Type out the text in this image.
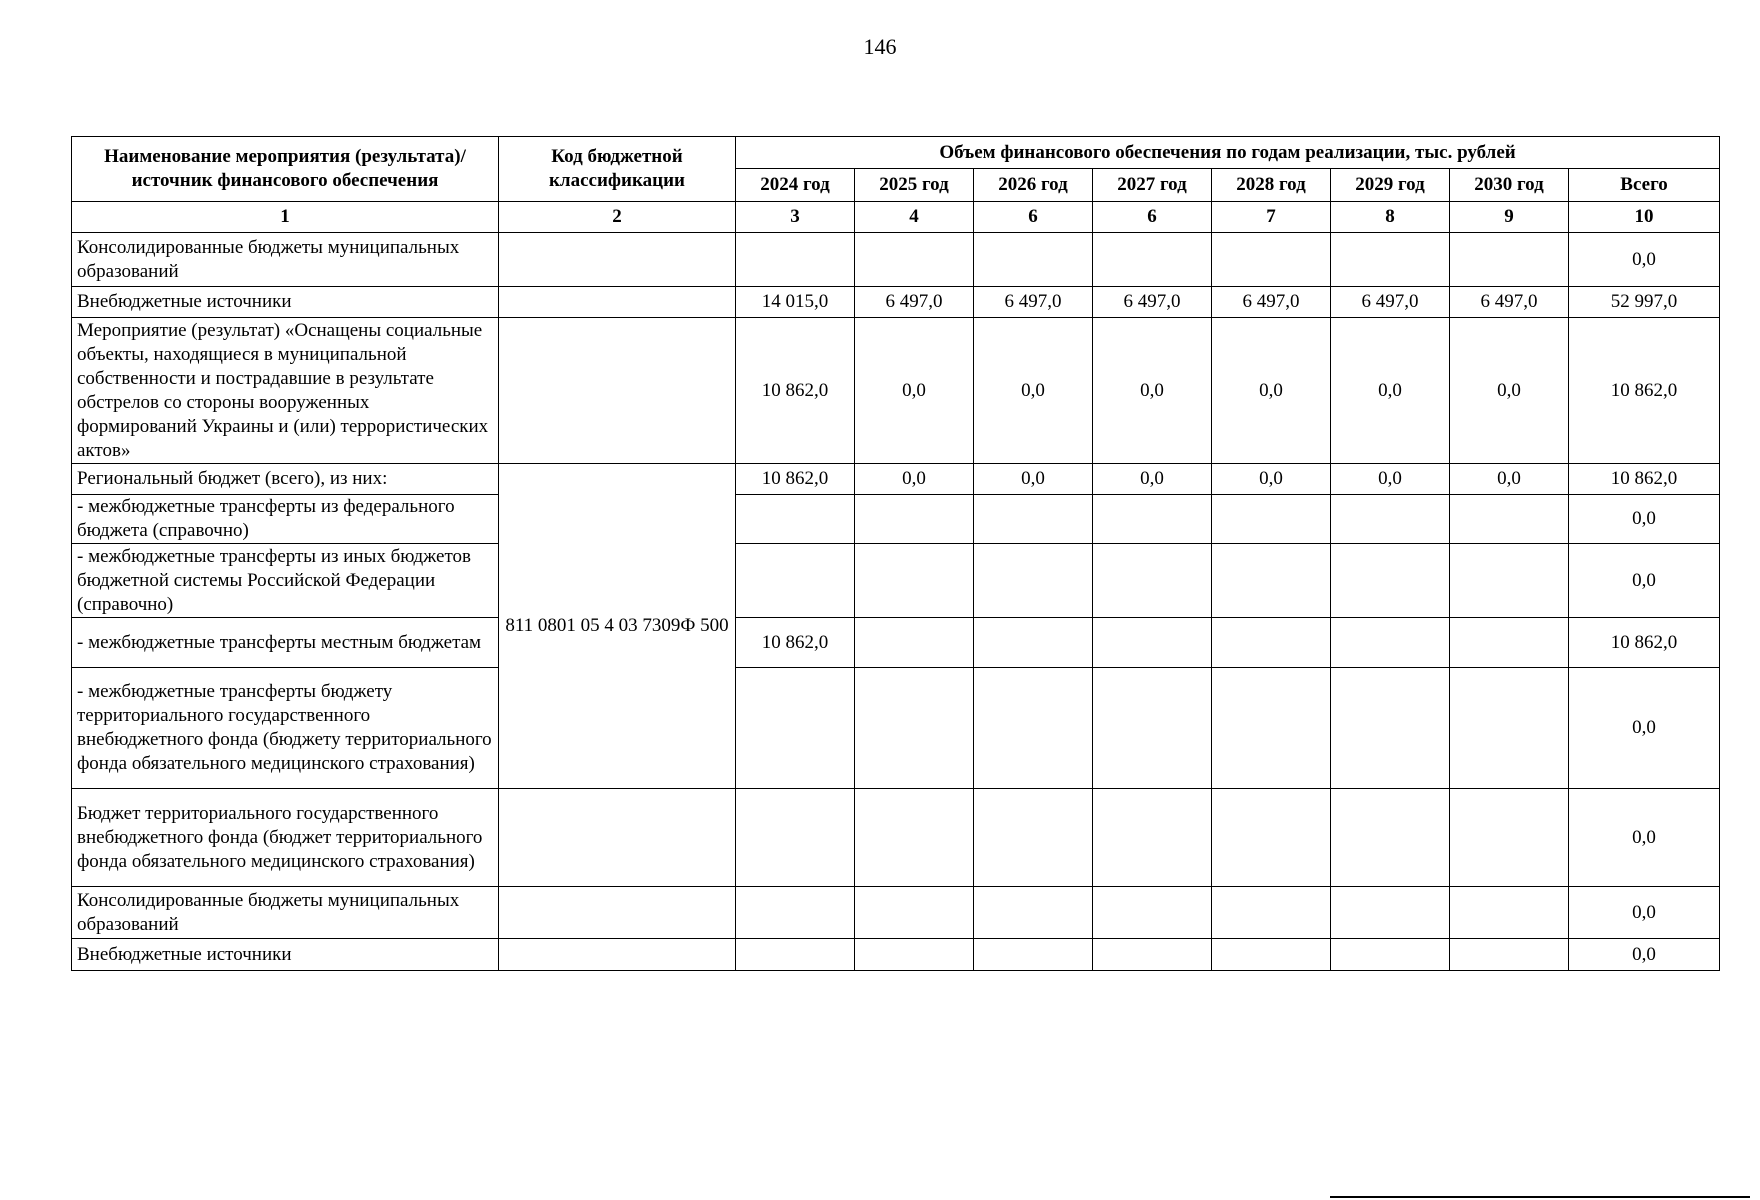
146
Наименование мероприятия (результата)/ источник финансового обеспечения	Код бюджетной классификации	Объем финансового обеспечения по годам реализации, тыс. рублей							
		2024 год	2025 год	2026 год	2027 год	2028 год	2029 год	2030 год	Всего
1	2	3	4	6	6	7	8	9	10
Консолидированные бюджеты муниципальных образований									0,0
Внебюджетные источники		14 015,0	6 497,0	6 497,0	6 497,0	6 497,0	6 497,0	6 497,0	52 997,0
Мероприятие (результат) «Оснащены социальные объекты, находящиеся в муниципальной собственности и пострадавшие в результате обстрелов со стороны вооруженных формирований Украины и (или) террористических актов»		10 862,0	0,0	0,0	0,0	0,0	0,0	0,0	10 862,0
Региональный бюджет (всего), из них:	811 0801 05 4 03 7309Ф 500	10 862,0	0,0	0,0	0,0	0,0	0,0	0,0	10 862,0
- межбюджетные трансферты из федерального бюджета (справочно)									0,0
- межбюджетные трансферты из иных бюджетов бюджетной системы Российской Федерации (справочно)									0,0
- межбюджетные трансферты местным бюджетам		10 862,0							10 862,0
- межбюджетные трансферты бюджету территориального государственного внебюджетного фонда (бюджету территориального фонда обязательного медицинского страхования)									0,0
Бюджет территориального государственного внебюджетного фонда (бюджет территориального фонда обязательного медицинского страхования)									0,0
Консолидированные бюджеты муниципальных образований									0,0
Внебюджетные источники									0,0
